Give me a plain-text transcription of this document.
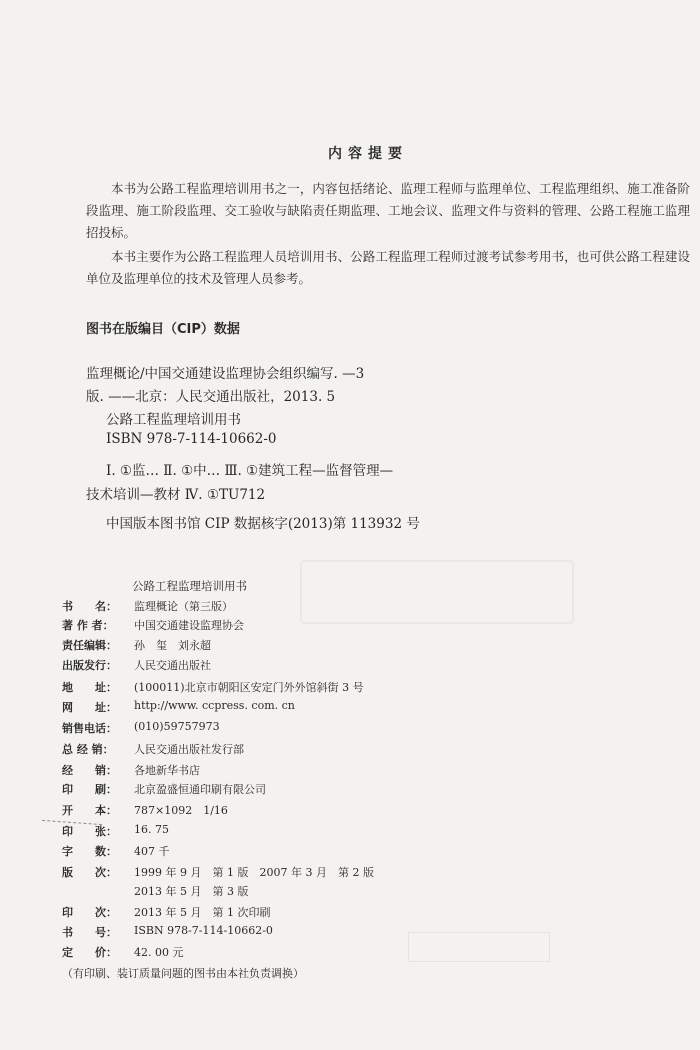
内容提要

本书为公路工程监理培训用书之一，内容包括绪论、监理工程师与监理单位、工程监理组织、施工准备阶段监理、施工阶段监理、交工验收与缺陷责任期监理、工地会议、监理文件与资料的管理、公路工程施工监理招投标。

本书主要作为公路工程监理人员培训用书、公路工程监理工程师过渡考试参考用书，也可供公路工程建设单位及监理单位的技术及管理人员参考。

图书在版编目（CIP）数据
监理概论/中国交通建设监理协会组织编写. —3
版. ——北京：人民交通出版社，2013. 5
公路工程监理培训用书
ISBN 978-7-114-10662-0
Ⅰ. ①监… Ⅱ. ①中… Ⅲ. ①建筑工程—监督管理—
技术培训—教材 Ⅳ. ①TU712
中国版本图书馆 CIP 数据核字(2013)第 113932 号
公路工程监理培训用书
书　　名：	监理概论（第三版）
著 作 者：	中国交通建设监理协会
责任编辑：	孙　玺　刘永超
出版发行：	人民交通出版社
地　　址：	(100011)北京市朝阳区安定门外外馆斜街 3 号
网　　址：	http://www. ccpress. com. cn
销售电话：	(010)59757973
总 经 销：	人民交通出版社发行部
经　　销：	各地新华书店
印　　刷：	北京盈盛恒通印刷有限公司
开　　本：	787×1092　1/16
印　　张：	16. 75
字　　数：	407 千
版　　次：	1999 年 9 月　第 1 版　2007 年 3 月　第 2 版
2013 年 5 月　第 3 版
印　　次：	2013 年 5 月　第 1 次印刷
书　　号：	ISBN 978-7-114-10662-0
定　　价：	42. 00 元
（有印刷、装订质量问题的图书由本社负责调换）
